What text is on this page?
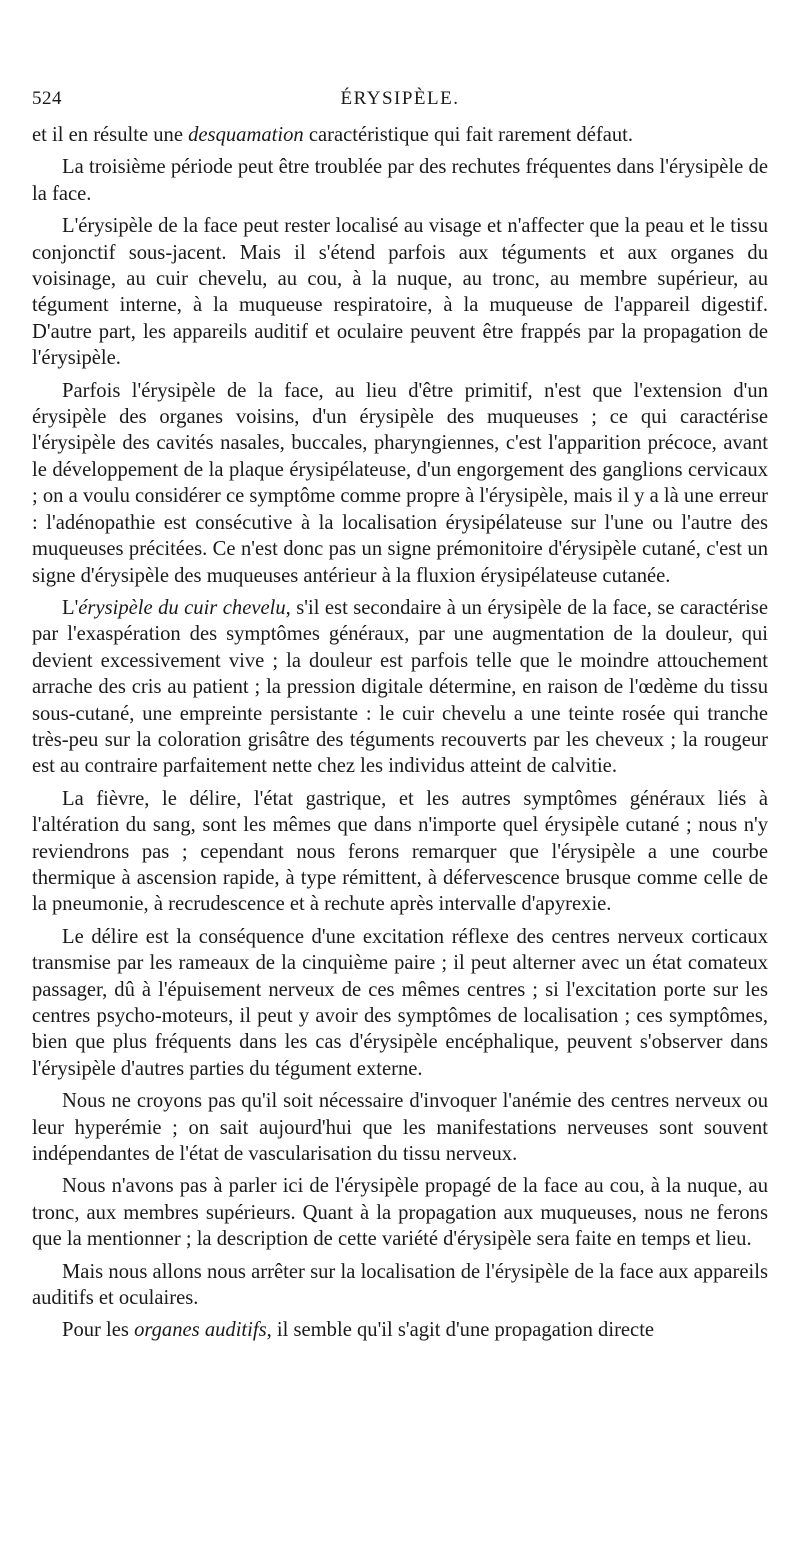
524	ÉRYSIPÈLE.

et il en résulte une desquamation caractéristique qui fait rarement défaut.

La troisième période peut être troublée par des rechutes fréquentes dans l'érysipèle de la face.

L'érysipèle de la face peut rester localisé au visage et n'affecter que la peau et le tissu conjonctif sous-jacent. Mais il s'étend parfois aux téguments et aux organes du voisinage, au cuir chevelu, au cou, à la nuque, au tronc, au membre supérieur, au tégument interne, à la muqueuse respiratoire, à la muqueuse de l'appareil digestif. D'autre part, les appareils auditif et oculaire peuvent être frappés par la propagation de l'érysipèle.

Parfois l'érysipèle de la face, au lieu d'être primitif, n'est que l'extension d'un érysipèle des organes voisins, d'un érysipèle des muqueuses ; ce qui caractérise l'érysipèle des cavités nasales, buccales, pharyngiennes, c'est l'apparition précoce, avant le développement de la plaque érysipélateuse, d'un engorgement des ganglions cervicaux ; on a voulu considérer ce symptôme comme propre à l'érysipèle, mais il y a là une erreur : l'adénopathie est consécutive à la localisation érysipélateuse sur l'une ou l'autre des muqueuses précitées. Ce n'est donc pas un signe prémonitoire d'érysipèle cutané, c'est un signe d'érysipèle des muqueuses antérieur à la fluxion érysipélateuse cutanée.

L'érysipèle du cuir chevelu, s'il est secondaire à un érysipèle de la face, se caractérise par l'exaspération des symptômes généraux, par une augmentation de la douleur, qui devient excessivement vive ; la douleur est parfois telle que le moindre attouchement arrache des cris au patient ; la pression digitale détermine, en raison de l'œdème du tissu sous-cutané, une empreinte persistante : le cuir chevelu a une teinte rosée qui tranche très-peu sur la coloration grisâtre des téguments recouverts par les cheveux ; la rougeur est au contraire parfaitement nette chez les individus atteint de calvitie.

La fièvre, le délire, l'état gastrique, et les autres symptômes généraux liés à l'altération du sang, sont les mêmes que dans n'importe quel érysipèle cutané ; nous n'y reviendrons pas ; cependant nous ferons remarquer que l'érysipèle a une courbe thermique à ascension rapide, à type rémittent, à défervescence brusque comme celle de la pneumonie, à recrudescence et à rechute après intervalle d'apyrexie.

Le délire est la conséquence d'une excitation réflexe des centres nerveux corticaux transmise par les rameaux de la cinquième paire ; il peut alterner avec un état comateux passager, dû à l'épuisement nerveux de ces mêmes centres ; si l'excitation porte sur les centres psycho-moteurs, il peut y avoir des symptômes de localisation ; ces symptômes, bien que plus fréquents dans les cas d'érysipèle encéphalique, peuvent s'observer dans l'érysipèle d'autres parties du tégument externe.

Nous ne croyons pas qu'il soit nécessaire d'invoquer l'anémie des centres nerveux ou leur hyperémie ; on sait aujourd'hui que les manifestations nerveuses sont souvent indépendantes de l'état de vascularisation du tissu nerveux.

Nous n'avons pas à parler ici de l'érysipèle propagé de la face au cou, à la nuque, au tronc, aux membres supérieurs. Quant à la propagation aux muqueuses, nous ne ferons que la mentionner ; la description de cette variété d'érysipèle sera faite en temps et lieu.

Mais nous allons nous arrêter sur la localisation de l'érysipèle de la face aux appareils auditifs et oculaires.

Pour les organes auditifs, il semble qu'il s'agit d'une propagation directe
